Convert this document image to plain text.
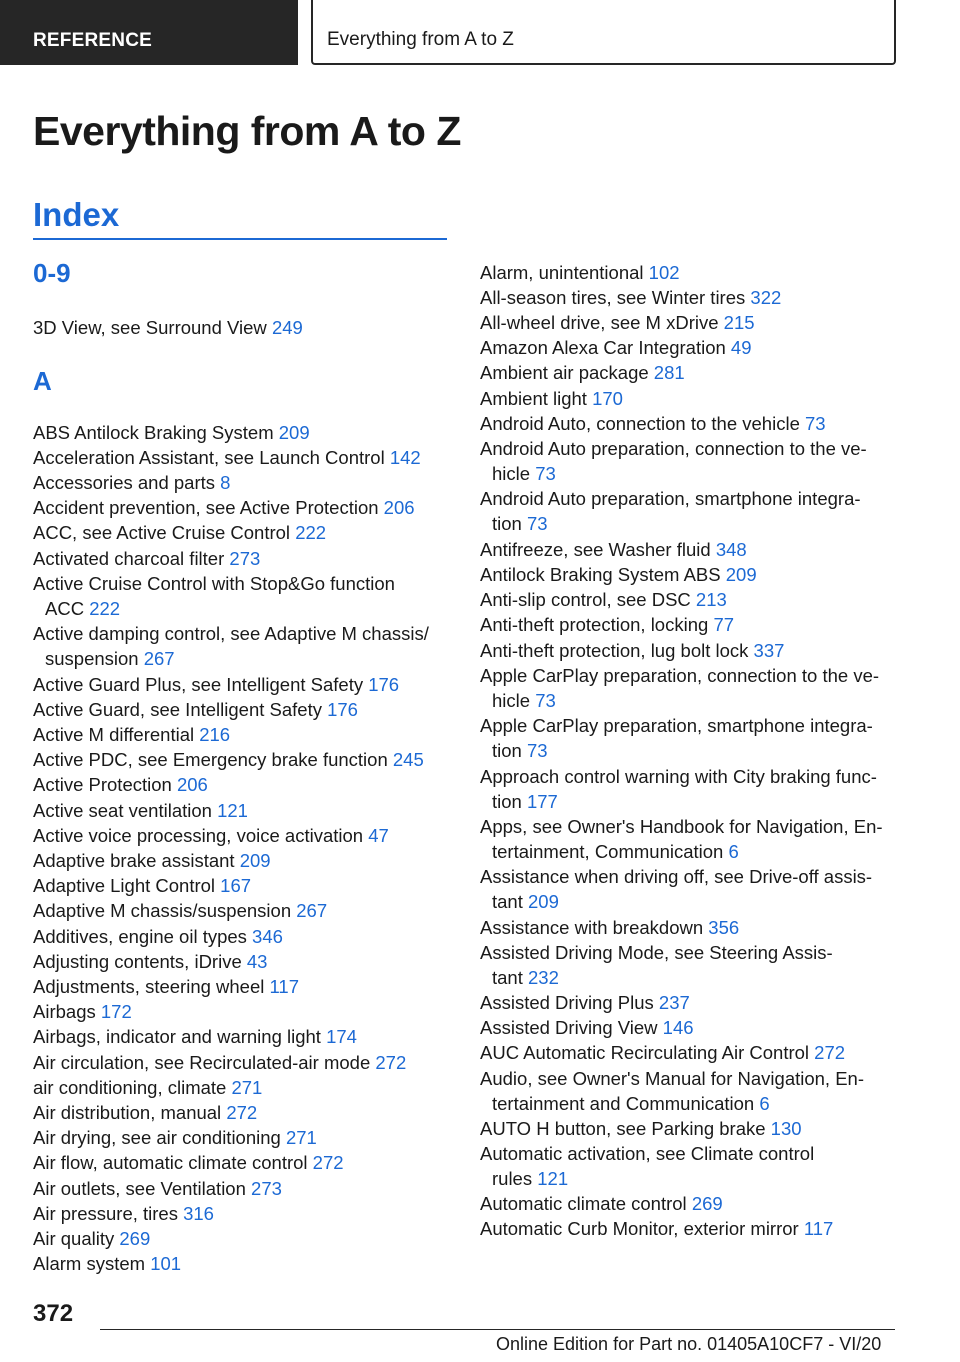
REFERENCE	Everything from A to Z
Everything from A to Z
Index
0-9
3D View, see Surround View 249
A
ABS Antilock Braking System 209
Acceleration Assistant, see Launch Control 142
Accessories and parts 8
Accident prevention, see Active Protection 206
ACC, see Active Cruise Control 222
Activated charcoal filter 273
Active Cruise Control with Stop&Go function
ACC 222
Active damping control, see Adaptive M chassis/
suspension 267
Active Guard Plus, see Intelligent Safety 176
Active Guard, see Intelligent Safety 176
Active M differential 216
Active PDC, see Emergency brake function 245
Active Protection 206
Active seat ventilation 121
Active voice processing, voice activation 47
Adaptive brake assistant 209
Adaptive Light Control 167
Adaptive M chassis/suspension 267
Additives, engine oil types 346
Adjusting contents, iDrive 43
Adjustments, steering wheel 117
Airbags 172
Airbags, indicator and warning light 174
Air circulation, see Recirculated-air mode 272
air conditioning, climate 271
Air distribution, manual 272
Air drying, see air conditioning 271
Air flow, automatic climate control 272
Air outlets, see Ventilation 273
Air pressure, tires 316
Air quality 269
Alarm system 101
Alarm, unintentional 102
All-season tires, see Winter tires 322
All-wheel drive, see M xDrive 215
Amazon Alexa Car Integration 49
Ambient air package 281
Ambient light 170
Android Auto, connection to the vehicle 73
Android Auto preparation, connection to the ve‐
hicle 73
Android Auto preparation, smartphone integra‐
tion 73
Antifreeze, see Washer fluid 348
Antilock Braking System ABS 209
Anti-slip control, see DSC 213
Anti-theft protection, locking 77
Anti-theft protection, lug bolt lock 337
Apple CarPlay preparation, connection to the ve‐
hicle 73
Apple CarPlay preparation, smartphone integra‐
tion 73
Approach control warning with City braking func‐
tion 177
Apps, see Owner's Handbook for Navigation, En‐
tertainment, Communication 6
Assistance when driving off, see Drive-off assis‐
tant 209
Assistance with breakdown 356
Assisted Driving Mode, see Steering Assis‐
tant 232
Assisted Driving Plus 237
Assisted Driving View 146
AUC Automatic Recirculating Air Control 272
Audio, see Owner's Manual for Navigation, En‐
tertainment and Communication 6
AUTO H button, see Parking brake 130
Automatic activation, see Climate control
rules 121
Automatic climate control 269
Automatic Curb Monitor, exterior mirror 117
372
Online Edition for Part no. 01405A10CF7 - VI/20
